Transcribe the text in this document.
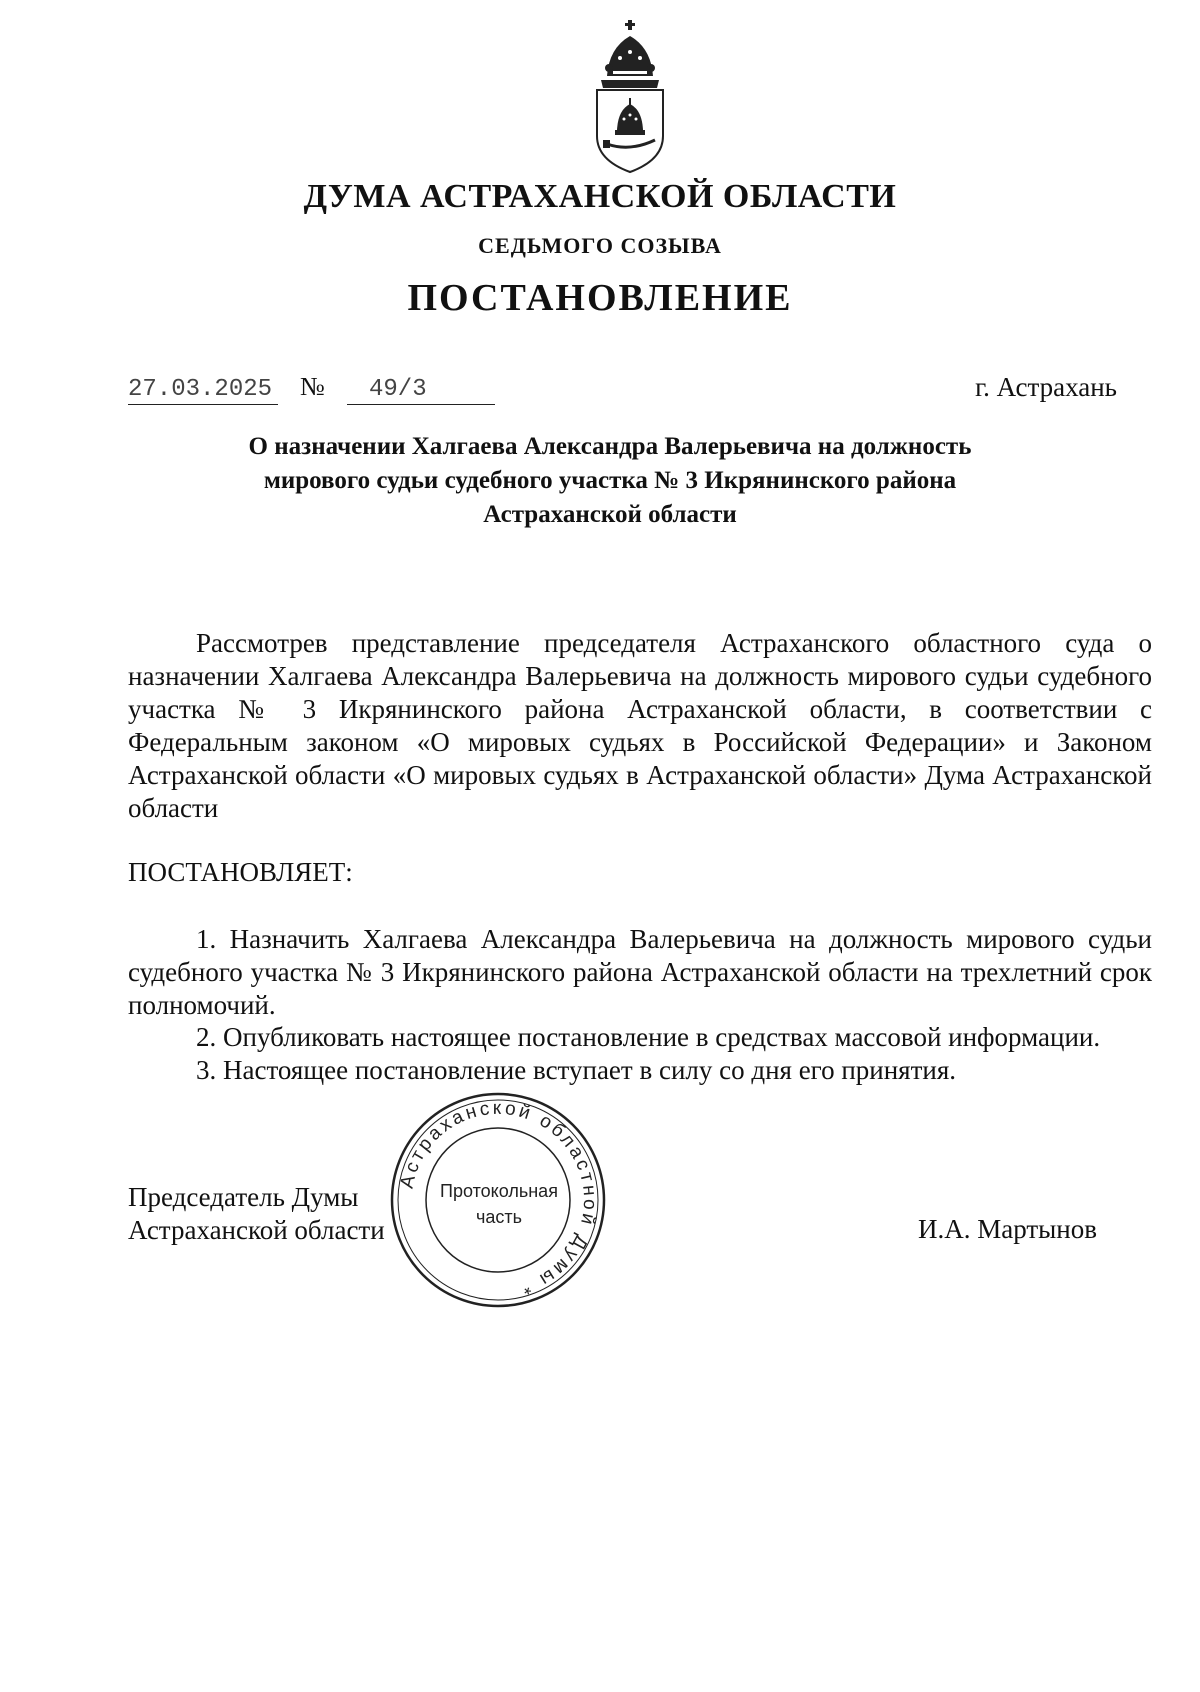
ДУМА АСТРАХАНСКОЙ ОБЛАСТИ
СЕДЬМОГО СОЗЫВА
ПОСТАНОВЛЕНИЕ
27.03.2025 №	49/3	г. Астрахань
О назначении Халгаева Александра Валерьевича на должность
мирового судьи судебного участка № 3 Икрянинского района
Астраханской области
Рассмотрев представление председателя Астраханского областного суда о назначении Халгаева Александра Валерьевича на должность мирового судьи судебного участка № 3 Икрянинского района Астраханской области, в соответствии с Федеральным законом «О мировых судьях в Российской Федерации» и Законом Астраханской области «О мировых судьях в Астраханской области» Дума Астраханской области
ПОСТАНОВЛЯЕТ:
1. Назначить Халгаева Александра Валерьевича на должность мирового судьи судебного участка № 3 Икрянинского района Астраханской области на трехлетний срок полномочий.
2. Опубликовать настоящее постановление в средствах массовой информации.
3. Настоящее постановление вступает в силу со дня его принятия.
Председатель Думы
Астраханской области	И.А. Мартынов
Астраханской областной Думы *
Протокольная
часть
